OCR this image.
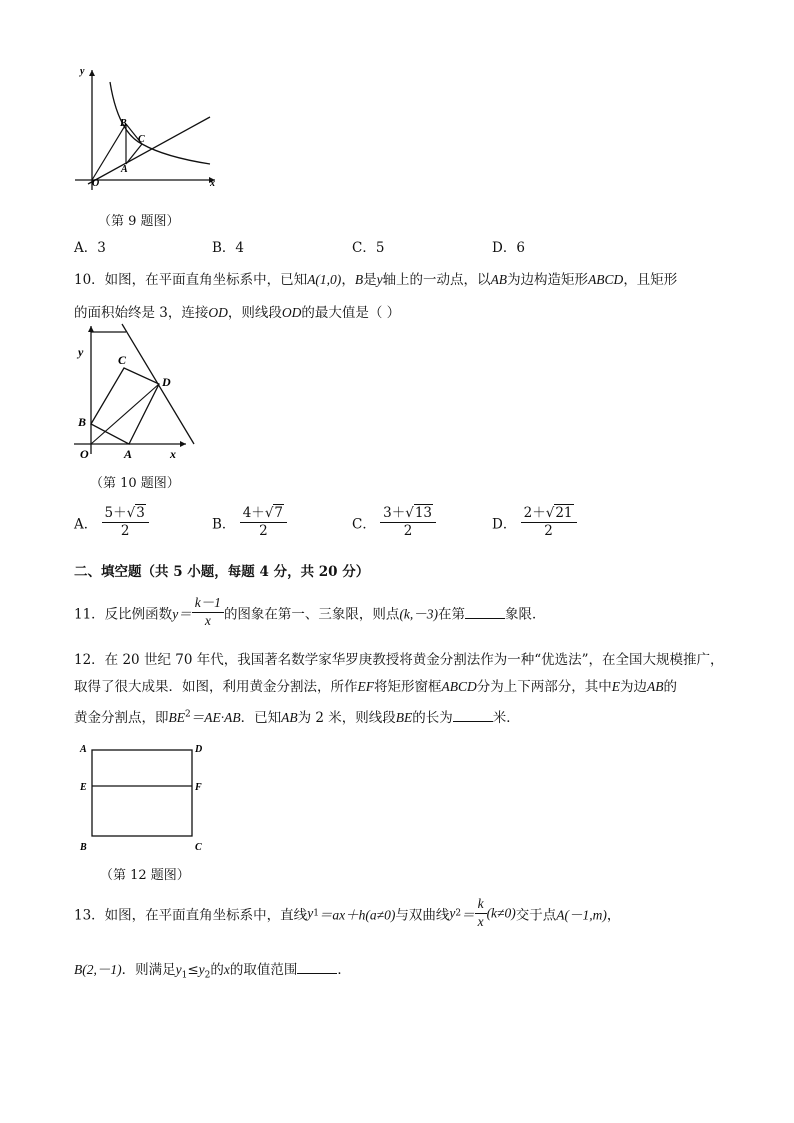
y
x
O
A
B
C
（第 9 题图）
A．3	B．4	C．5	D．6
10．如图，在平面直角坐标系中，已知A(1,0)，B是y轴上的一动点，以AB为边构造矩形ABCD，且矩形
的面积始终是 3，连接OD，则线段OD的最大值是（ ）
y
x
O	A
B
C
D
（第 10 题图）
A． $\frac{5+√3}{2}$	B． $\frac{4+√7}{2}$	C． $\frac{3+√13}{2}$	D． $\frac{2+√21}{2}$
二、填空题（共 5 小题，每题 4 分，共 20 分）
11．反比例函数$y= \frac{k-1}{x}$ 的图象在第一、三象限，则点(k,－3)在第	象限．
12．在 20 世纪 70 年代，我国著名数学家华罗庚教授将黄金分割法作为一种“优选法”，在全国大规模推广，
取得了很大成果．如图，利用黄金分割法，所作EF将矩形窗框ABCD分为上下两部分，其中E为边AB的
黄金分割点，即$BE^2=AE\cdot AB$．已知AB为 2 米，则线段BE的长为	米．
A	D
E	F
B	C
（第 12 题图）
13．如图，在平面直角坐标系中，直线y1＝ax＋h(a≠0)与双曲线$y2= \frac{k}{x} (k\ne 0)$交于点A(－1,m)，
B(2,－1)．则满足$y_1\le y_2$的x的取值范围	．
